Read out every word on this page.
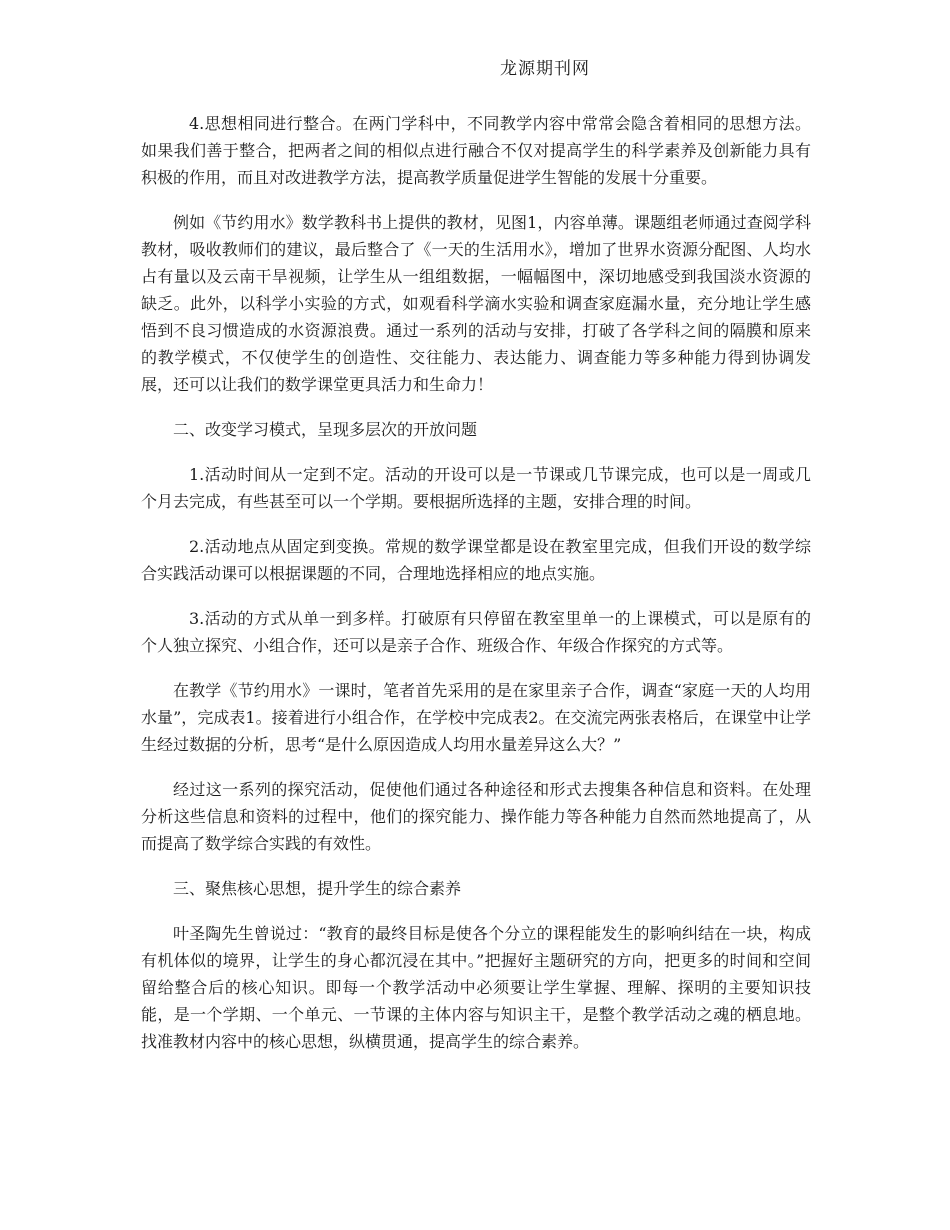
龙源期刊网

4.思想相同进行整合。在两门学科中，不同教学内容中常常会隐含着相同的思想方法。如果我们善于整合，把两者之间的相似点进行融合不仅对提高学生的科学素养及创新能力具有积极的作用，而且对改进教学方法，提高教学质量促进学生智能的发展十分重要。

例如《节约用水》数学教科书上提供的教材，见图1，内容单薄。课题组老师通过查阅学科教材，吸收教师们的建议，最后整合了《一天的生活用水》，增加了世界水资源分配图、人均水占有量以及云南干旱视频，让学生从一组组数据，一幅幅图中，深切地感受到我国淡水资源的缺乏。此外，以科学小实验的方式，如观看科学滴水实验和调查家庭漏水量，充分地让学生感悟到不良习惯造成的水资源浪费。通过一系列的活动与安排，打破了各学科之间的隔膜和原来的教学模式，不仅使学生的创造性、交往能力、表达能力、调查能力等多种能力得到协调发展，还可以让我们的数学课堂更具活力和生命力！

二、改变学习模式，呈现多层次的开放问题

1.活动时间从一定到不定。活动的开设可以是一节课或几节课完成，也可以是一周或几个月去完成，有些甚至可以一个学期。要根据所选择的主题，安排合理的时间。

2.活动地点从固定到变换。常规的数学课堂都是设在教室里完成，但我们开设的数学综合实践活动课可以根据课题的不同，合理地选择相应的地点实施。

3.活动的方式从单一到多样。打破原有只停留在教室里单一的上课模式，可以是原有的个人独立探究、小组合作，还可以是亲子合作、班级合作、年级合作探究的方式等。

在教学《节约用水》一课时，笔者首先采用的是在家里亲子合作，调查“家庭一天的人均用水量”，完成表1。接着进行小组合作，在学校中完成表2。在交流完两张表格后，在课堂中让学生经过数据的分析，思考“是什么原因造成人均用水量差异这么大？”

经过这一系列的探究活动，促使他们通过各种途径和形式去搜集各种信息和资料。在处理分析这些信息和资料的过程中，他们的探究能力、操作能力等各种能力自然而然地提高了，从而提高了数学综合实践的有效性。

三、聚焦核心思想，提升学生的综合素养

叶圣陶先生曾说过：“教育的最终目标是使各个分立的课程能发生的影响纠结在一块，构成有机体似的境界，让学生的身心都沉浸在其中。”把握好主题研究的方向，把更多的时间和空间留给整合后的核心知识。即每一个教学活动中必须要让学生掌握、理解、探明的主要知识技能，是一个学期、一个单元、一节课的主体内容与知识主干，是整个教学活动之魂的栖息地。找准教材内容中的核心思想，纵横贯通，提高学生的综合素养。
